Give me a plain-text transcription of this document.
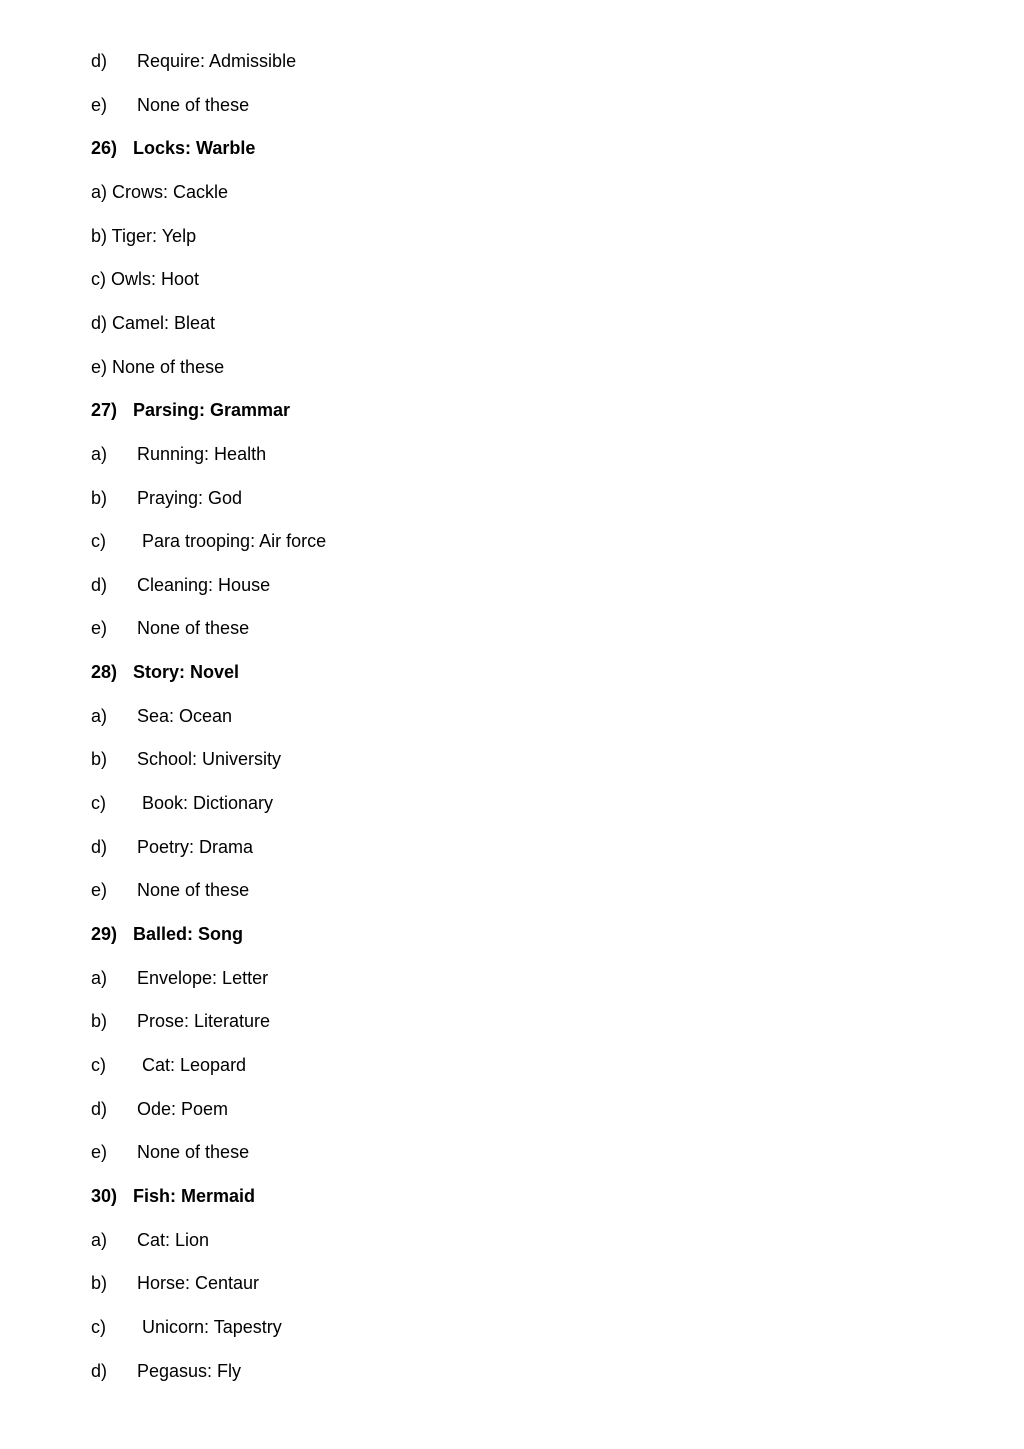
d) Require: Admissible
e) None of these
26) Locks: Warble
a) Crows: Cackle
b) Tiger: Yelp
c) Owls: Hoot
d) Camel: Bleat
e) None of these
27) Parsing: Grammar
a) Running: Health
b) Praying: God
c) Para trooping: Air force
d) Cleaning: House
e) None of these
28) Story: Novel
a) Sea: Ocean
b) School: University
c) Book: Dictionary
d) Poetry: Drama
e) None of these
29) Balled: Song
a) Envelope: Letter
b) Prose: Literature
c) Cat: Leopard
d) Ode: Poem
e) None of these
30) Fish: Mermaid
a) Cat: Lion
b) Horse: Centaur
c) Unicorn: Tapestry
d) Pegasus: Fly
